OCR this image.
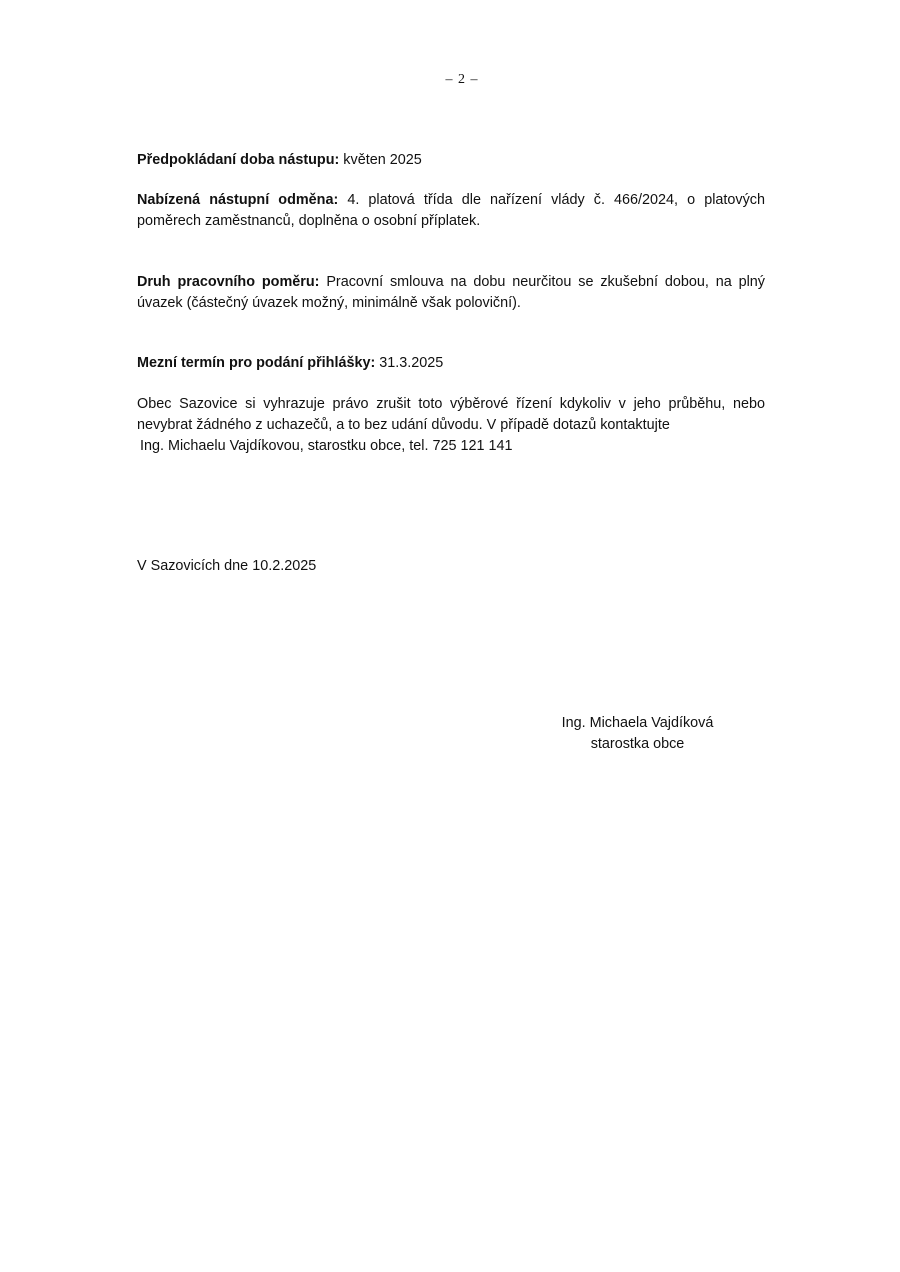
– 2 –
Předpokládaní doba nástupu: květen 2025
Nabízená nástupní odměna: 4. platová třída dle nařízení vlády č. 466/2024, o platových
poměrech zaměstnanců, doplněna o osobní příplatek.
Druh pracovního poměru: Pracovní smlouva na dobu neurčitou se zkušební dobou, na plný
úvazek (částečný úvazek možný, minimálně však poloviční).
Mezní termín pro podání přihlášky: 31.3.2025
Obec Sazovice si vyhrazuje právo zrušit toto výběrové řízení kdykoliv v jeho průběhu, nebo
nevybrat žádného z uchazečů, a to bez udání důvodu. V případě dotazů kontaktujte
Ing. Michaelu Vajdíkovou, starostku obce, tel. 725 121 141
V Sazovicích dne 10.2.2025
Ing. Michaela Vajdíková
starostka obce
